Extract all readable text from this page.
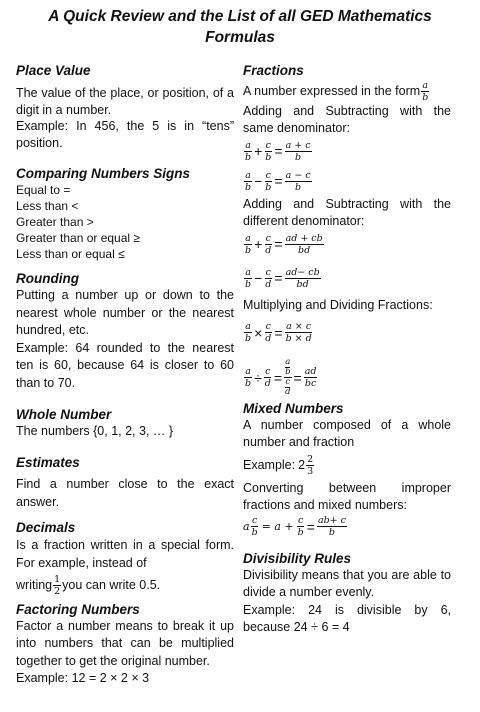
A Quick Review and the List of all GED Mathematics
Formulas
Place Value
The value of the place, or position, of a digit in a number.
Example: In 456, the 5 is in “tens” position.
Comparing Numbers Signs
Equal to =
Less than <
Greater than >
Greater than or equal ≥
Less than or equal ≤
Rounding
Putting a number up or down to the nearest whole number or the nearest hundred, etc.
Example: 64 rounded to the nearest ten is 60, because 64 is closer to 60 than to 70.
Whole Number
The numbers {0, 1, 2, 3, … }
Estimates
Find a number close to the exact answer.
Decimals
Is a fraction written in a special form. For example, instead of
writing $\frac{1}{2}$ you can write 0.5.
Factoring Numbers
Factor a number means to break it up into numbers that can be multiplied together to get the original number.
Example: 12 = 2 × 2 × 3
Fractions
A number expressed in the form $\frac{a}{b}$
Adding and Subtracting with the same denominator:
$\frac{a}{b} + \frac{c}{b} = \frac{a + c}{b}$
$\frac{a}{b} - \frac{c}{b} = \frac{a - c}{b}$
Adding and Subtracting with the different denominator:
$\frac{a}{b} + \frac{c}{d} = \frac{ad + cb}{bd}$
$\frac{a}{b} - \frac{c}{d} = \frac{ad- cb}{bd}$
Multiplying and Dividing Fractions:
$\frac{a}{b} \times \frac{c}{d} = \frac{a \times c}{b \times d}$
$\frac{a}{b} \div \frac{c}{d} = \frac{\frac{a}{b}}{\frac{c}{d}} = \frac{ad}{bc}$
Mixed Numbers
A number composed of a whole number and fraction
Example: $2 \frac{2}{3}$
Converting between improper fractions and mixed numbers:
a $\frac{c}{b} = a + \frac{c}{b} = \frac{ab+ c}{b}$
Divisibility Rules
Divisibility means that you are able to divide a number evenly.
Example: 24 is divisible by 6, because 24 ÷ 6 = 4
